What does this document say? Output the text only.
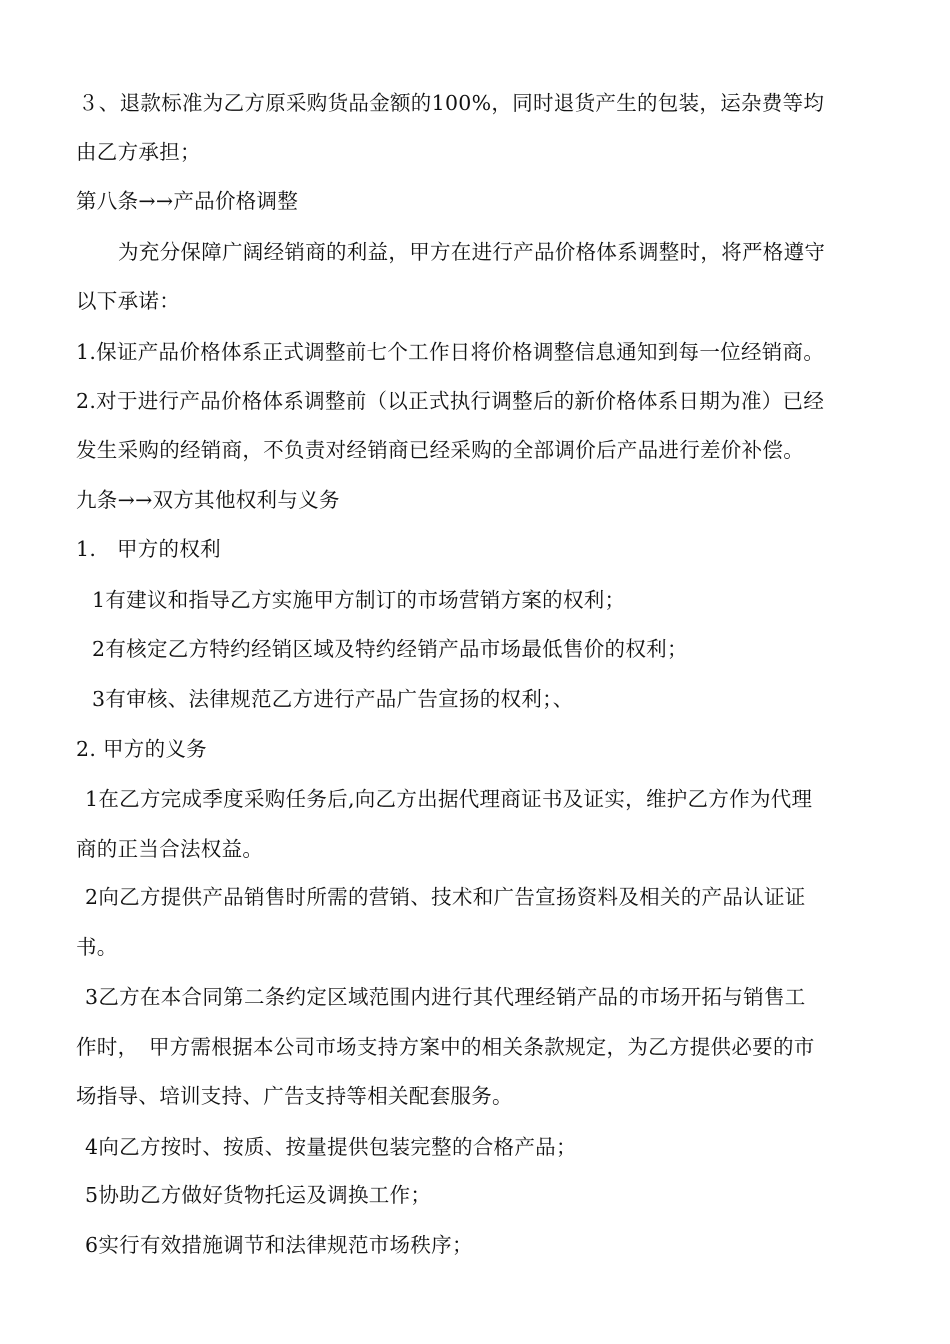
３、退款标准为乙方原采购货品金额的100%，同时退货产生的包装，运杂费等均
由乙方承担；
第八条→→产品价格调整
为充分保障广阔经销商的利益，甲方在进行产品价格体系调整时，将严格遵守
以下承诺：
1.保证产品价格体系正式调整前七个工作日将价格调整信息通知到每一位经销商。
2.对于进行产品价格体系调整前（以正式执行调整后的新价格体系日期为准）已经
发生采购的经销商，不负责对经销商已经采购的全部调价后产品进行差价补偿。
九条→→双方其他权利与义务
1.　甲方的权利
1有建议和指导乙方实施甲方制订的市场营销方案的权利；
2有核定乙方特约经销区域及特约经销产品市场最低售价的权利；
3有审核、法律规范乙方进行产品广告宣扬的权利；、
2. 甲方的义务
1在乙方完成季度采购任务后,向乙方出据代理商证书及证实，维护乙方作为代理
商的正当合法权益。
2向乙方提供产品销售时所需的营销、技术和广告宣扬资料及相关的产品认证证
书。
3乙方在本合同第二条约定区域范围内进行其代理经销产品的市场开拓与销售工
作时，　甲方需根据本公司市场支持方案中的相关条款规定，为乙方提供必要的市
场指导、培训支持、广告支持等相关配套服务。
4向乙方按时、按质、按量提供包装完整的合格产品；
5协助乙方做好货物托运及调换工作；
6实行有效措施调节和法律规范市场秩序；
